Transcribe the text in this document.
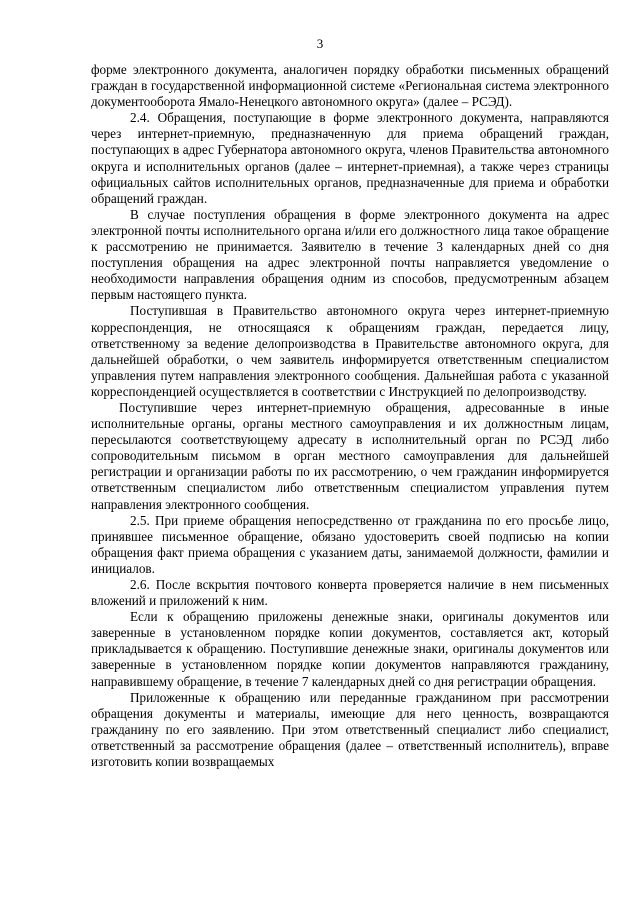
3

форме электронного документа, аналогичен порядку обработки письменных обращений граждан в государственной информационной системе «Региональная система электронного документооборота Ямало-Ненецкого автономного округа» (далее – РСЭД).

2.4. Обращения, поступающие в форме электронного документа, направляются через интернет-приемную, предназначенную для приема обращений граждан, поступающих в адрес Губернатора автономного округа, членов Правительства автономного округа и исполнительных органов (далее – интернет-приемная), а также через страницы официальных сайтов исполнительных органов, предназначенные для приема и обработки обращений граждан.

В случае поступления обращения в форме электронного документа на адрес электронной почты исполнительного органа и/или его должностного лица такое обращение к рассмотрению не принимается. Заявителю в течение 3 календарных дней со дня поступления обращения на адрес электронной почты направляется уведомление о необходимости направления обращения одним из способов, предусмотренным абзацем первым настоящего пункта.

Поступившая в Правительство автономного округа через интернет-приемную корреспонденция, не относящаяся к обращениям граждан, передается лицу, ответственному за ведение делопроизводства в Правительстве автономного округа, для дальнейшей обработки, о чем заявитель информируется ответственным специалистом управления путем направления электронного сообщения. Дальнейшая работа с указанной корреспонденцией осуществляется в соответствии с Инструкцией по делопроизводству.

Поступившие через интернет-приемную обращения, адресованные в иные исполнительные органы, органы местного самоуправления и их должностным лицам, пересылаются соответствующему адресату в исполнительный орган по РСЭД либо сопроводительным письмом в орган местного самоуправления для дальнейшей регистрации и организации работы по их рассмотрению, о чем гражданин информируется ответственным специалистом либо ответственным специалистом управления путем направления электронного сообщения.

2.5. При приеме обращения непосредственно от гражданина по его просьбе лицо, принявшее письменное обращение, обязано удостоверить своей подписью на копии обращения факт приема обращения с указанием даты, занимаемой должности, фамилии и инициалов.

2.6. После вскрытия почтового конверта проверяется наличие в нем письменных вложений и приложений к ним.

Если к обращению приложены денежные знаки, оригиналы документов или заверенные в установленном порядке копии документов, составляется акт, который прикладывается к обращению. Поступившие денежные знаки, оригиналы документов или заверенные в установленном порядке копии документов направляются гражданину, направившему обращение, в течение 7 календарных дней со дня регистрации обращения.

Приложенные к обращению или переданные гражданином при рассмотрении обращения документы и материалы, имеющие для него ценность, возвращаются гражданину по его заявлению. При этом ответственный специалист либо специалист, ответственный за рассмотрение обращения (далее – ответственный исполнитель), вправе изготовить копии возвращаемых
